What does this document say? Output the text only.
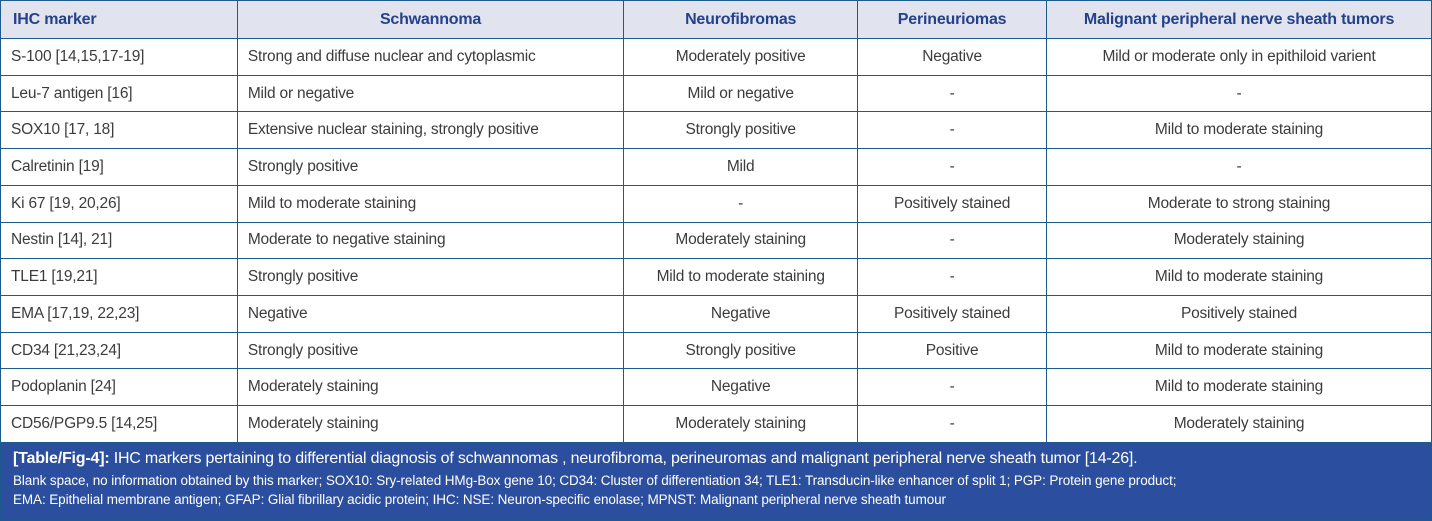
IHC marker	Schwannoma	Neurofibromas	Perineuriomas	Malignant peripheral nerve sheath tumors
S-100 [14,15,17-19]	Strong and diffuse nuclear and cytoplasmic	Moderately positive	Negative	Mild or moderate only in epithiloid varient
Leu-7 antigen [16]	Mild or negative	Mild or negative	-	-
SOX10 [17, 18]	Extensive nuclear staining, strongly positive	Strongly positive	-	Mild to moderate staining
Calretinin [19]	Strongly positive	Mild	-	-
Ki 67 [19, 20,26]	Mild to moderate staining	-	Positively stained	Moderate to strong staining
Nestin [14], 21]	Moderate to negative staining	Moderately staining	-	Moderately staining
TLE1 [19,21]	Strongly positive	Mild to moderate staining	-	Mild to moderate staining
EMA [17,19, 22,23]	Negative	Negative	Positively stained	Positively stained
CD34 [21,23,24]	Strongly positive	Strongly positive	Positive	Mild to moderate staining
Podoplanin [24]	Moderately staining	Negative	-	Mild to moderate staining
CD56/PGP9.5 [14,25]	Moderately staining	Moderately staining	-	Moderately staining
[Table/Fig-4]: IHC markers pertaining to differential diagnosis of schwannomas , neurofibroma, perineuromas and malignant peripheral nerve sheath tumor [14-26].
Blank space, no information obtained by this marker; SOX10: Sry-related HMg-Box gene 10; CD34: Cluster of differentiation 34; TLE1: Transducin-like enhancer of split 1; PGP: Protein gene product;
EMA: Epithelial membrane antigen; GFAP: Glial fibrillary acidic protein; IHC: NSE: Neuron-specific enolase; MPNST: Malignant peripheral nerve sheath tumour
